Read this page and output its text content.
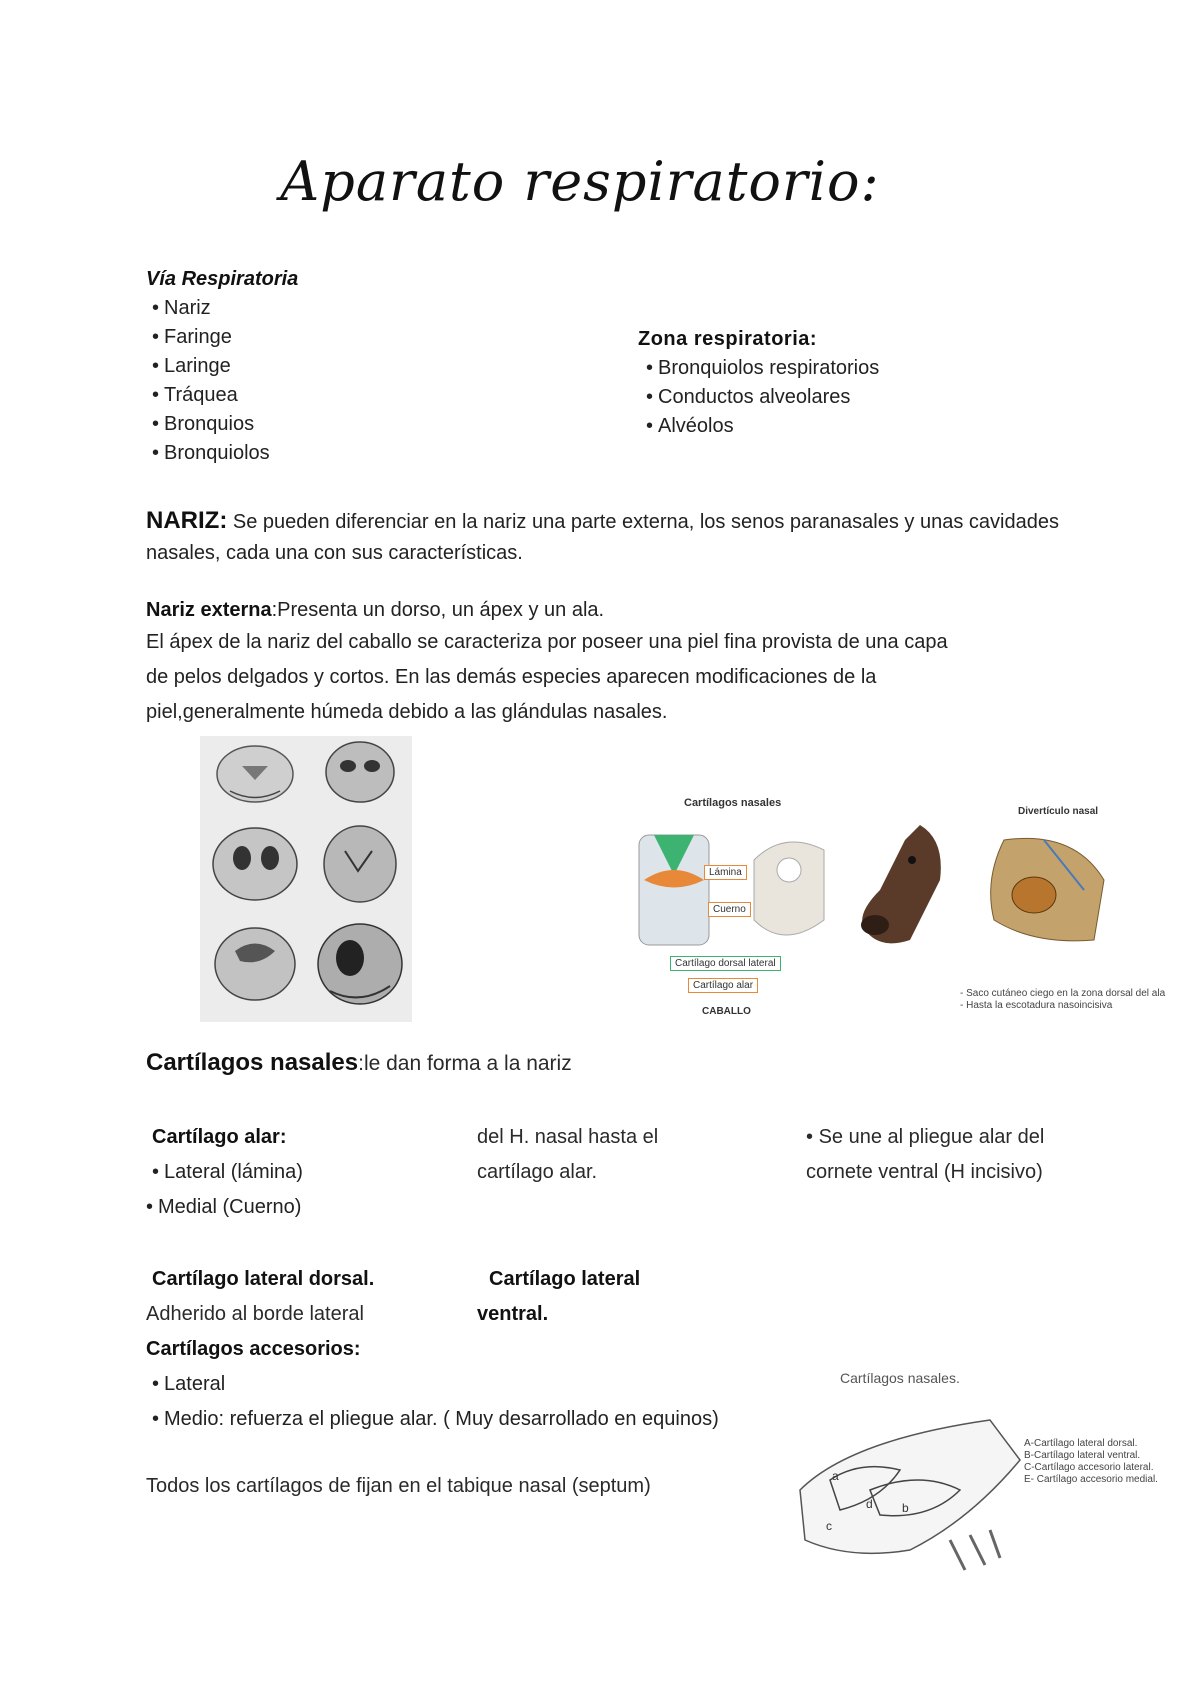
Aparato respiratorio:
Vía Respiratoria
• Nariz
• Faringe
• Laringe
• Tráquea
• Bronquios
• Bronquiolos
Zona respiratoria:
• Bronquiolos respiratorios
• Conductos alveolares
• Alvéolos
NARIZ: Se pueden diferenciar en la nariz una parte externa, los senos paranasales y unas cavidades nasales, cada una con sus características.
Nariz externa:Presenta un dorso, un ápex y un ala.
El ápex de la nariz del caballo se caracteriza por poseer una piel fina provista de una capa de pelos delgados y cortos. En las demás especies aparecen modificaciones de la piel,generalmente húmeda debido a las glándulas nasales.
Cartílagos nasales
Lámina
Cuerno
Cartílago dorsal lateral
Cartílago alar
CABALLO
Divertículo nasal
- Saco cutáneo ciego en la zona dorsal del ala
- Hasta la escotadura nasoincisiva
Cartílagos nasales:le dan forma a la nariz
Cartílago alar:
• Lateral (lámina)
• Medial (Cuerno)
del H. nasal hasta el cartílago alar.
• Se une al pliegue alar del cornete ventral (H incisivo)
Cartílago lateral dorsal.
Adherido al borde lateral
Cartílago lateral
ventral.
Cartílagos accesorios:
• Lateral
• Medio: refuerza el pliegue alar. ( Muy desarrollado en equinos)
Todos los cartílagos de fijan en el tabique nasal (septum)
Cartílagos nasales.
a
b
c
d
A-Cartílago lateral dorsal.
B-Cartílago lateral ventral.
C-Cartílago accesorio lateral.
E- Cartílago accesorio medial.
